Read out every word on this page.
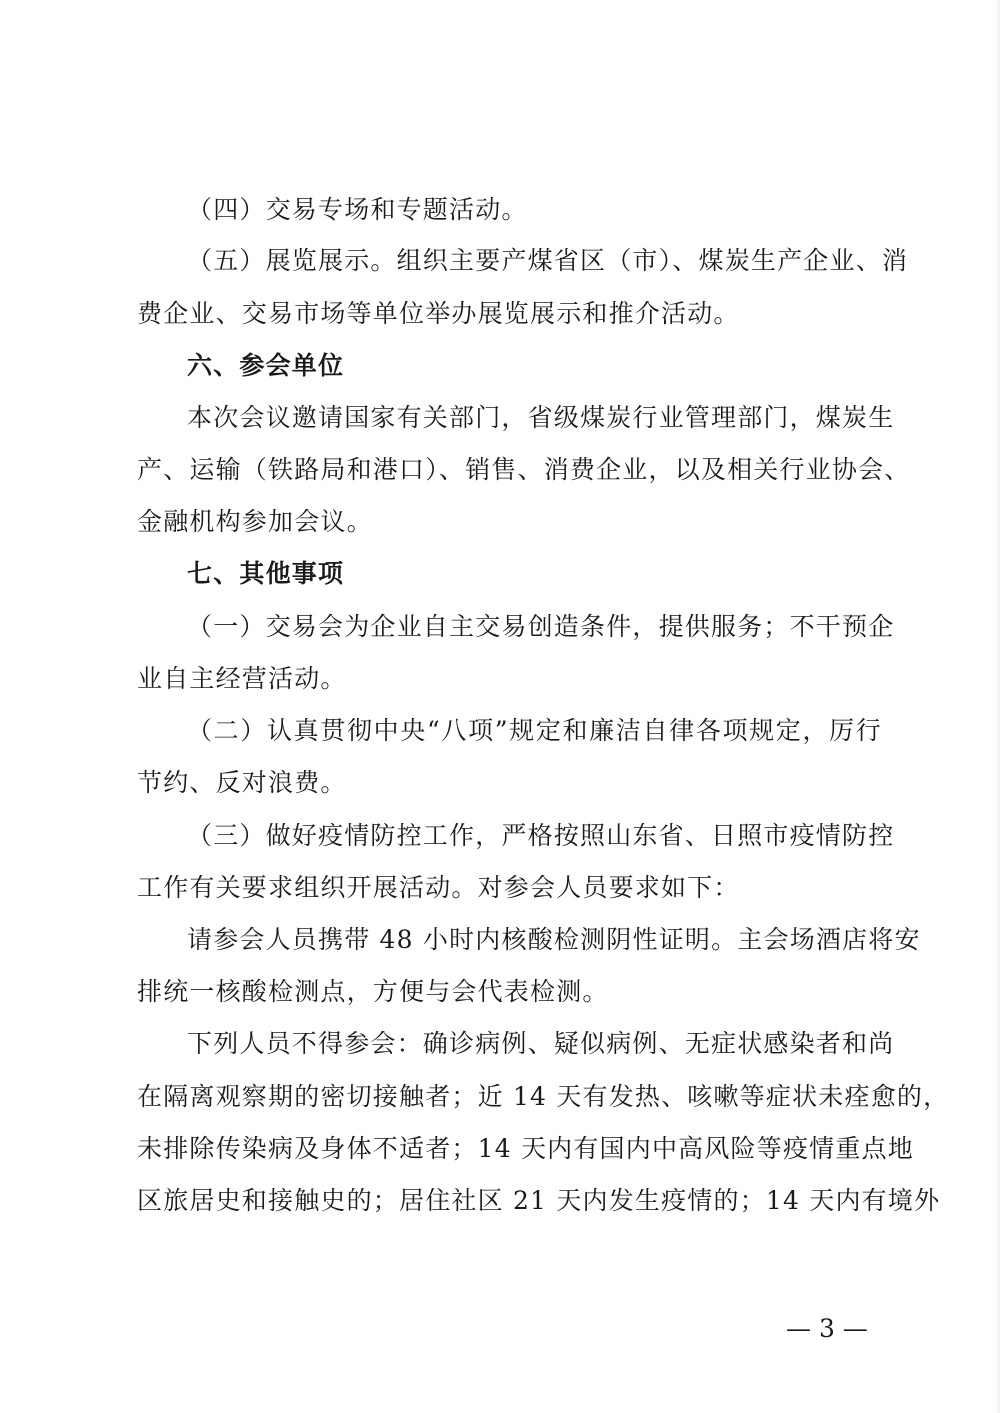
（四）交易专场和专题活动。
（五）展览展示。组织主要产煤省区（市）、煤炭生产企业、消
费企业、交易市场等单位举办展览展示和推介活动。
六、参会单位
本次会议邀请国家有关部门，省级煤炭行业管理部门，煤炭生
产、运输（铁路局和港口）、销售、消费企业，以及相关行业协会、
金融机构参加会议。
七、其他事项
（一）交易会为企业自主交易创造条件，提供服务；不干预企
业自主经营活动。
（二）认真贯彻中央“八项”规定和廉洁自律各项规定，厉行
节约、反对浪费。
（三）做好疫情防控工作，严格按照山东省、日照市疫情防控
工作有关要求组织开展活动。对参会人员要求如下：
请参会人员携带 48 小时内核酸检测阴性证明。主会场酒店将安
排统一核酸检测点，方便与会代表检测。
下列人员不得参会：确诊病例、疑似病例、无症状感染者和尚
在隔离观察期的密切接触者；近 14 天有发热、咳嗽等症状未痊愈的，
未排除传染病及身体不适者；14 天内有国内中高风险等疫情重点地
区旅居史和接触史的；居住社区 21 天内发生疫情的；14 天内有境外
— 3 —
